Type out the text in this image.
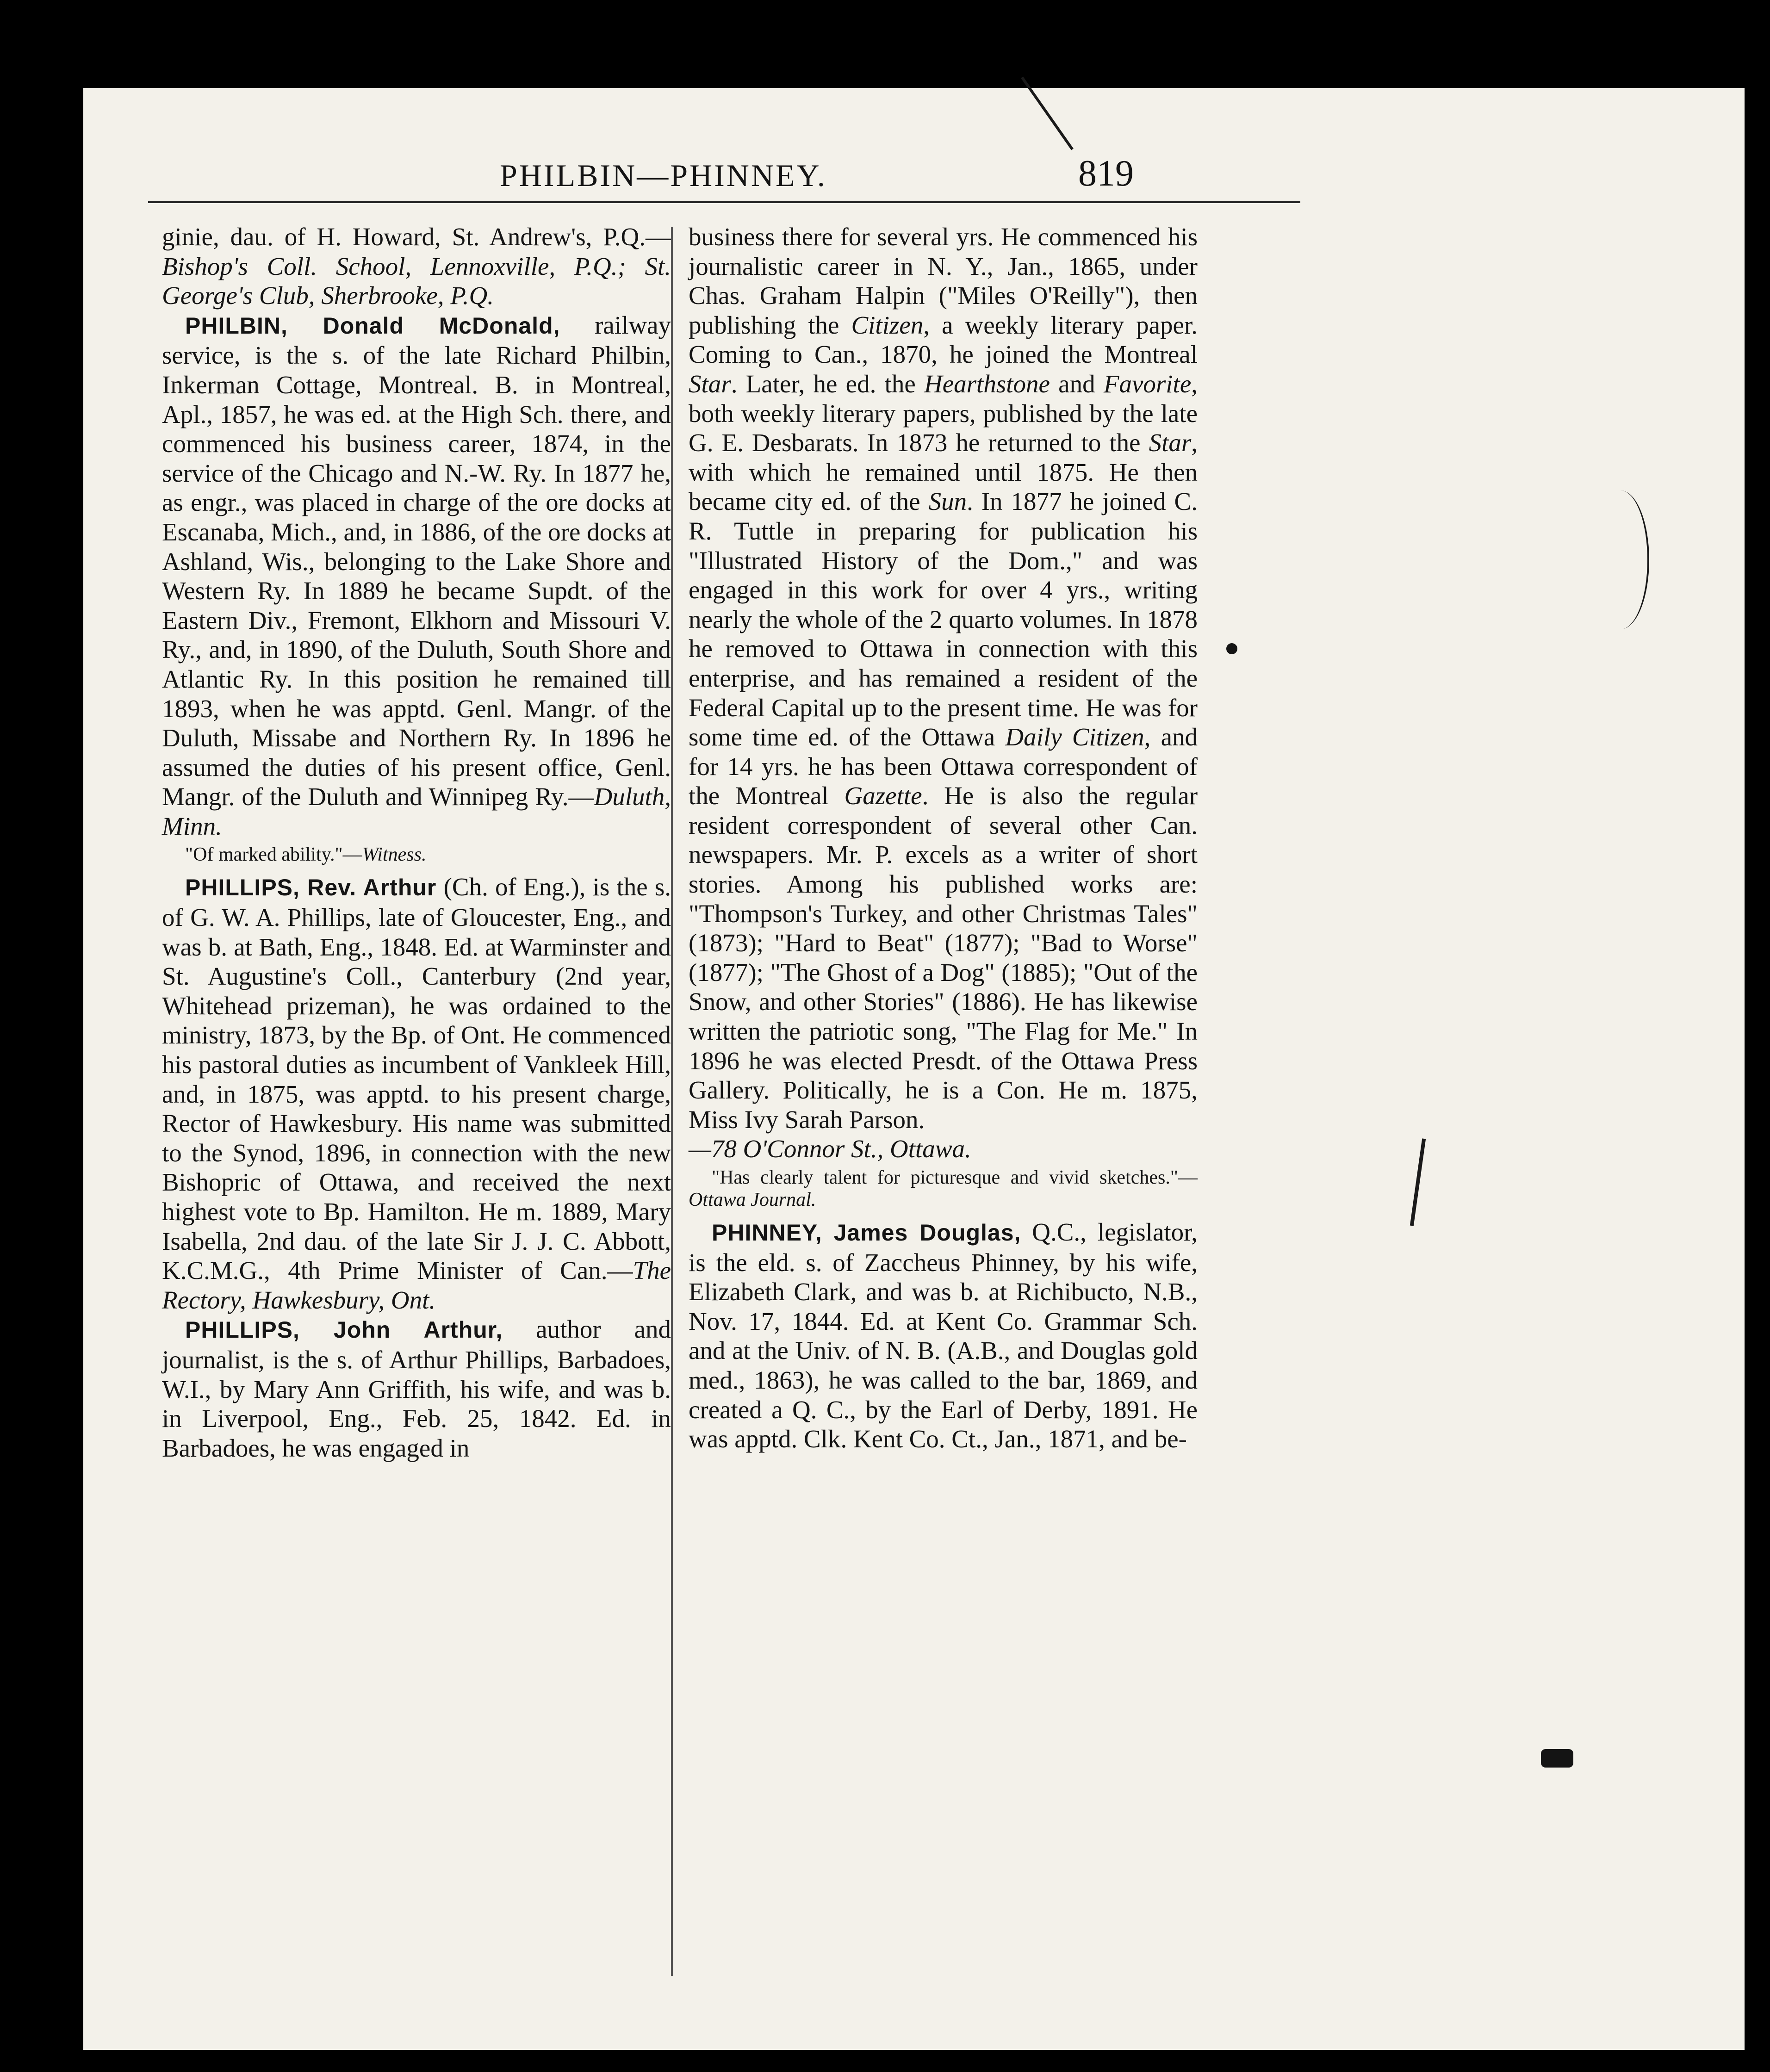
PHILBIN—PHINNEY.	819
ginie, dau. of H. Howard, St. Andrew's, P.Q.—Bishop's Coll. School, Lennoxville, P.Q.; St. George's Club, Sherbrooke, P.Q.
PHILBIN, Donald McDonald, railway service, is the s. of the late Richard Philbin, Inkerman Cottage, Montreal. B. in Montreal, Apl., 1857, he was ed. at the High Sch. there, and commenced his business career, 1874, in the service of the Chicago and N.-W. Ry. In 1877 he, as engr., was placed in charge of the ore docks at Escanaba, Mich., and, in 1886, of the ore docks at Ashland, Wis., belonging to the Lake Shore and Western Ry. In 1889 he became Supdt. of the Eastern Div., Fremont, Elkhorn and Missouri V. Ry., and, in 1890, of the Duluth, South Shore and Atlantic Ry. In this position he remained till 1893, when he was apptd. Genl. Mangr. of the Duluth, Missabe and Northern Ry. In 1896 he assumed the duties of his present office, Genl. Mangr. of the Duluth and Winnipeg Ry.—Duluth, Minn.
"Of marked ability."—Witness.
PHILLIPS, Rev. Arthur (Ch. of Eng.), is the s. of G. W. A. Phillips, late of Gloucester, Eng., and was b. at Bath, Eng., 1848. Ed. at Warminster and St. Augustine's Coll., Canterbury (2nd year, Whitehead prizeman), he was ordained to the ministry, 1873, by the Bp. of Ont. He commenced his pastoral duties as incumbent of Vankleek Hill, and, in 1875, was apptd. to his present charge, Rector of Hawkesbury. His name was submitted to the Synod, 1896, in connection with the new Bishopric of Ottawa, and received the next highest vote to Bp. Hamilton. He m. 1889, Mary Isabella, 2nd dau. of the late Sir J. J. C. Abbott, K.C.M.G., 4th Prime Minister of Can.—The Rectory, Hawkesbury, Ont.
PHILLIPS, John Arthur, author and journalist, is the s. of Arthur Phillips, Barbadoes, W.I., by Mary Ann Griffith, his wife, and was b. in Liverpool, Eng., Feb. 25, 1842. Ed. in Barbadoes, he was engaged in
business there for several yrs. He commenced his journalistic career in N. Y., Jan., 1865, under Chas. Graham Halpin ("Miles O'Reilly"), then publishing the Citizen, a weekly literary paper. Coming to Can., 1870, he joined the Montreal Star. Later, he ed. the Hearthstone and Favorite, both weekly literary papers, published by the late G. E. Desbarats. In 1873 he returned to the Star, with which he remained until 1875. He then became city ed. of the Sun. In 1877 he joined C. R. Tuttle in preparing for publication his "Illustrated History of the Dom.," and was engaged in this work for over 4 yrs., writing nearly the whole of the 2 quarto volumes. In 1878 he removed to Ottawa in connection with this enterprise, and has remained a resident of the Federal Capital up to the present time. He was for some time ed. of the Ottawa Daily Citizen, and for 14 yrs. he has been Ottawa correspondent of the Montreal Gazette. He is also the regular resident correspondent of several other Can. newspapers. Mr. P. excels as a writer of short stories. Among his published works are: "Thompson's Turkey, and other Christmas Tales" (1873); "Hard to Beat" (1877); "Bad to Worse" (1877); "The Ghost of a Dog" (1885); "Out of the Snow, and other Stories" (1886). He has likewise written the patriotic song, "The Flag for Me." In 1896 he was elected Presdt. of the Ottawa Press Gallery. Politically, he is a Con. He m. 1875, Miss Ivy Sarah Parson.
—78 O'Connor St., Ottawa.
"Has clearly talent for picturesque and vivid sketches."—Ottawa Journal.
PHINNEY, James Douglas, Q.C., legislator, is the eld. s. of Zaccheus Phinney, by his wife, Elizabeth Clark, and was b. at Richibucto, N.B., Nov. 17, 1844. Ed. at Kent Co. Grammar Sch. and at the Univ. of N. B. (A.B., and Douglas gold med., 1863), he was called to the bar, 1869, and created a Q. C., by the Earl of Derby, 1891. He was apptd. Clk. Kent Co. Ct., Jan., 1871, and be-
